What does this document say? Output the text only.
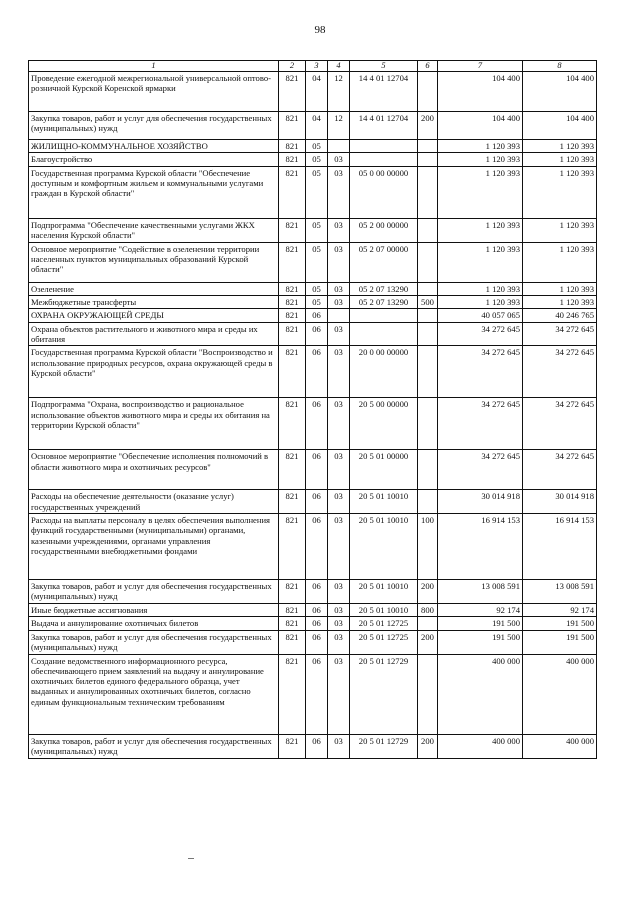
98
1	2	3	4	5	6	7	8
Проведение ежегодной межрегиональной универсальной оптово-розничной Курской Коренской ярмарки	821	04	12	14 4 01 12704		104 400	104 400
Закупка товаров, работ и услуг для обеспечения государственных (муниципальных) нужд	821	04	12	14 4 01 12704	200	104 400	104 400
ЖИЛИЩНО-КОММУНАЛЬНОЕ ХОЗЯЙСТВО	821	05				1 120 393	1 120 393
Благоустройство	821	05	03			1 120 393	1 120 393
Государственная программа Курской области "Обеспечение доступным и комфортным жильем и коммунальными услугами граждан в Курской области"	821	05	03	05 0 00 00000		1 120 393	1 120 393
Подпрограмма "Обеспечение качественными услугами ЖКХ населения Курской области"	821	05	03	05 2 00 00000		1 120 393	1 120 393
Основное мероприятие "Содействие в озеленении территории населенных пунктов муниципальных образований Курской области"	821	05	03	05 2 07 00000		1 120 393	1 120 393
Озеленение	821	05	03	05 2 07 13290		1 120 393	1 120 393
Межбюджетные трансферты	821	05	03	05 2 07 13290	500	1 120 393	1 120 393
ОХРАНА ОКРУЖАЮЩЕЙ СРЕДЫ	821	06				40 057 065	40 246 765
Охрана объектов растительного и животного мира и среды их обитания	821	06	03			34 272 645	34 272 645
Государственная программа Курской области "Воспроизводство и использование природных ресурсов, охрана окружающей среды в Курской области"	821	06	03	20 0 00 00000		34 272 645	34 272 645
Подпрограмма "Охрана, воспроизводство и рациональное использование объектов животного мира и среды их обитания на территории Курской области"	821	06	03	20 5 00 00000		34 272 645	34 272 645
Основное мероприятие "Обеспечение исполнения полномочий в области животного мира и охотничьих ресурсов"	821	06	03	20 5 01 00000		34 272 645	34 272 645
Расходы на обеспечение деятельности (оказание услуг) государственных учреждений	821	06	03	20 5 01 10010		30 014 918	30 014 918
Расходы на выплаты персоналу в целях обеспечения выполнения функций государственными (муниципальными) органами, казенными учреждениями, органами управления государственными внебюджетными фондами	821	06	03	20 5 01 10010	100	16 914 153	16 914 153
Закупка товаров, работ и услуг для обеспечения государственных (муниципальных) нужд	821	06	03	20 5 01 10010	200	13 008 591	13 008 591
Иные бюджетные ассигнования	821	06	03	20 5 01 10010	800	92 174	92 174
Выдача и аннулирование охотничьих билетов	821	06	03	20 5 01 12725		191 500	191 500
Закупка товаров, работ и услуг для обеспечения государственных (муниципальных) нужд	821	06	03	20 5 01 12725	200	191 500	191 500
Создание ведомственного информационного ресурса, обеспечивающего прием заявлений на выдачу и аннулирование охотничьих билетов единого федерального образца, учет выданных и аннулированных охотничьих билетов, согласно единым функциональным техническим требованиям	821	06	03	20 5 01 12729		400 000	400 000
Закупка товаров, работ и услуг для обеспечения государственных (муниципальных) нужд	821	06	03	20 5 01 12729	200	400 000	400 000
